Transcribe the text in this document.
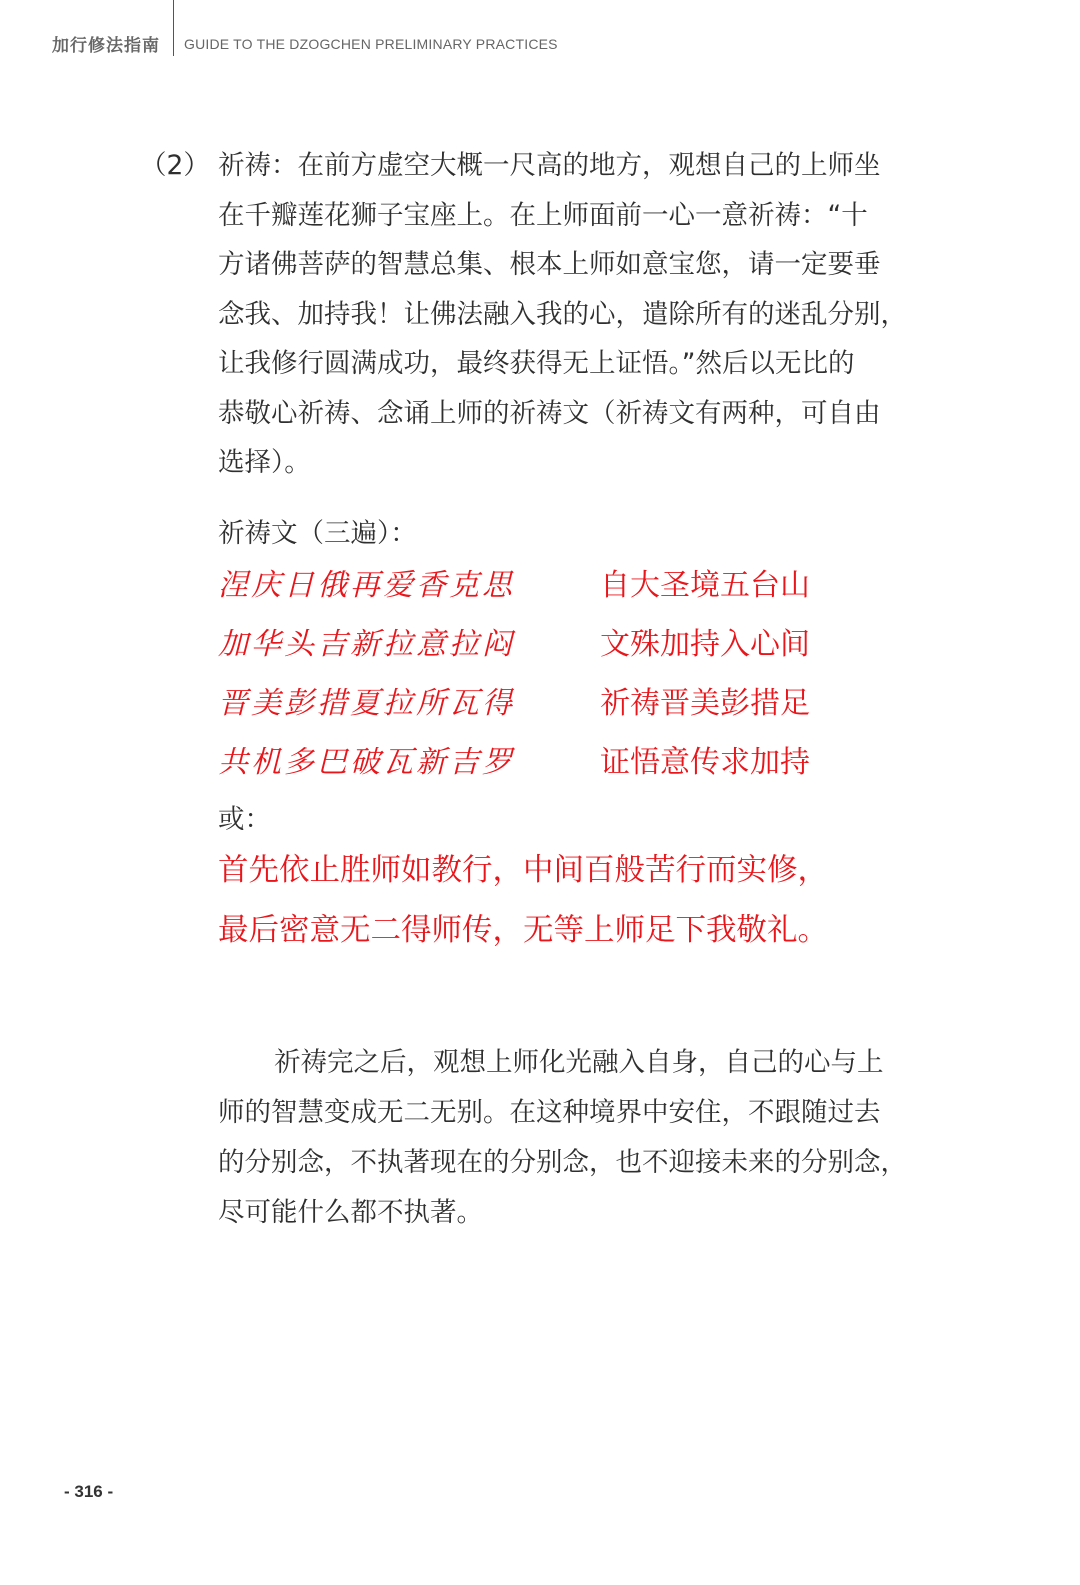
加行修法指南 GUIDE TO THE DZOGCHEN PRELIMINARY PRACTICES
（2） 祈祷：在前方虚空大概一尺高的地方，观想自己的上师坐
在千瓣莲花狮子宝座上。在上师面前一心一意祈祷：“十
方诸佛菩萨的智慧总集、根本上师如意宝您，请一定要垂
念我、加持我！让佛法融入我的心，遣除所有的迷乱分别，
让我修行圆满成功，最终获得无上证悟。”然后以无比的
恭敬心祈祷、念诵上师的祈祷文（祈祷文有两种，可自由
选择）。
祈祷文（三遍）：
涅庆日俄再爱香克思	自大圣境五台山
加华头吉新拉意拉闷	文殊加持入心间
晋美彭措夏拉所瓦得	祈祷晋美彭措足
共机多巴破瓦新吉罗	证悟意传求加持
或：
首先依止胜师如教行，中间百般苦行而实修，
最后密意无二得师传，无等上师足下我敬礼。
祈祷完之后，观想上师化光融入自身，自己的心与上
师的智慧变成无二无别。在这种境界中安住，不跟随过去
的分别念，不执著现在的分别念，也不迎接未来的分别念，
尽可能什么都不执著。
- 316 -
